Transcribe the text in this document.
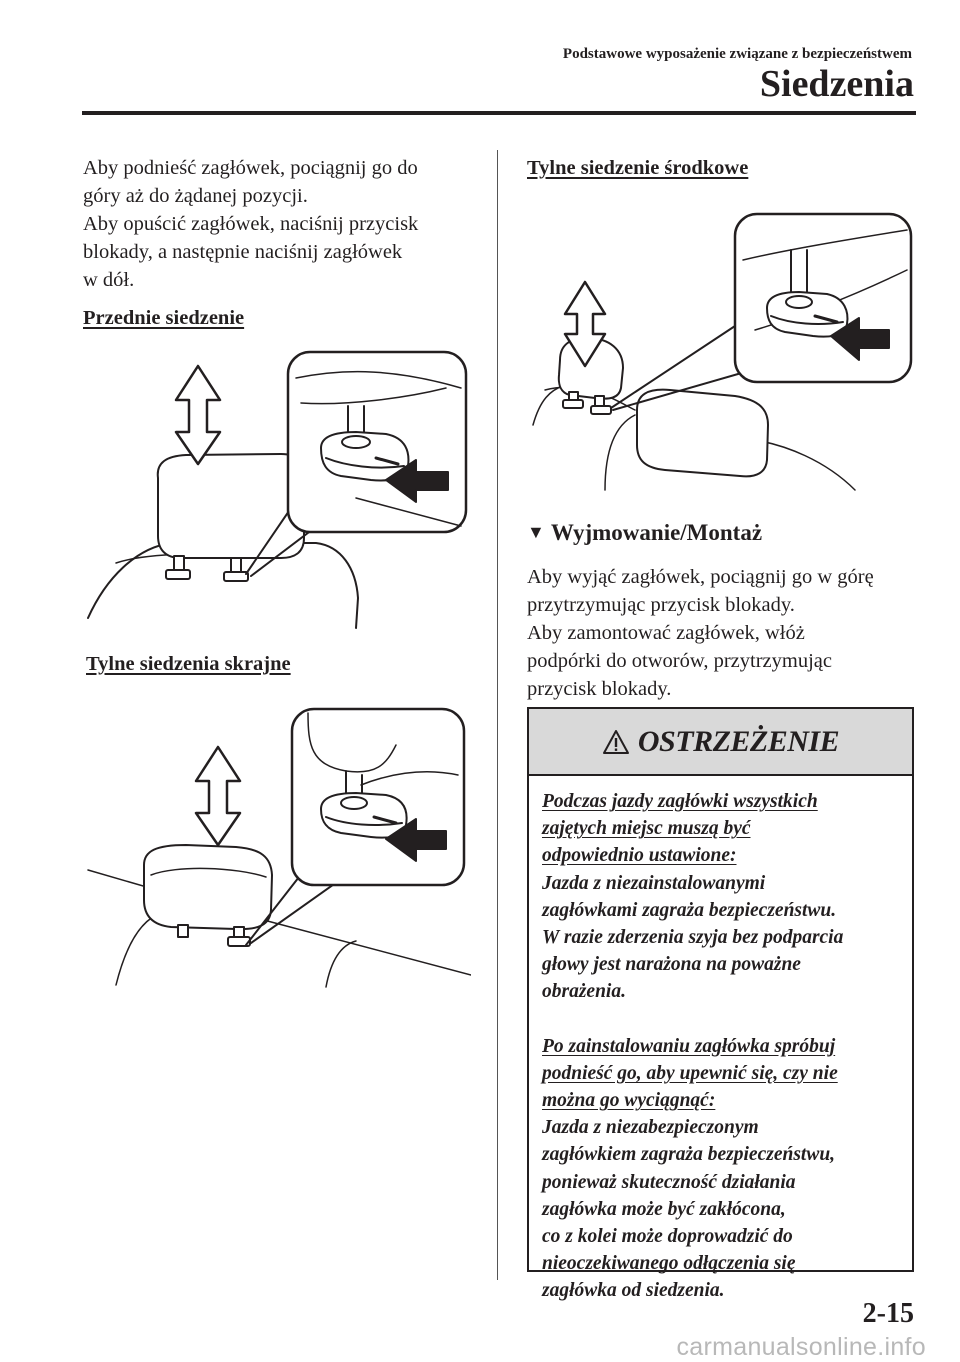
Podstawowe wyposażenie związane z bezpieczeństwem
Siedzenia

Aby podnieść zagłówek, pociągnij go do

góry aż do żądanej pozycji.

Aby opuścić zagłówek, naciśnij przycisk

blokady, a następnie naciśnij zagłówek

w dół.

Przednie siedzenie
Tylne siedzenia skrajne
Tylne siedzenie środkowe
▼ Wyjmowanie/Montaż

Aby wyjąć zagłówek, pociągnij go w górę

przytrzymując przycisk blokady.

Aby zamontować zagłówek, włóż

podpórki do otworów, przytrzymując

przycisk blokady.

OSTRZEŻENIE

Podczas jazdy zagłówki wszystkich

zajętych miejsc muszą być

odpowiednio ustawione:

Jazda z niezainstalowanymi

zagłówkami zagraża bezpieczeństwu.

W razie zderzenia szyja bez podparcia

głowy jest narażona na poważne

obrażenia.

Po zainstalowaniu zagłówka spróbuj

podnieść go, aby upewnić się, czy nie

można go wyciągnąć:

Jazda z niezabezpieczonym

zagłówkiem zagraża bezpieczeństwu,

ponieważ skuteczność działania

zagłówka może być zakłócona,

co z kolei może doprowadzić do

nieoczekiwanego odłączenia się

zagłówka od siedzenia.

2-15
carmanualsonline.info
